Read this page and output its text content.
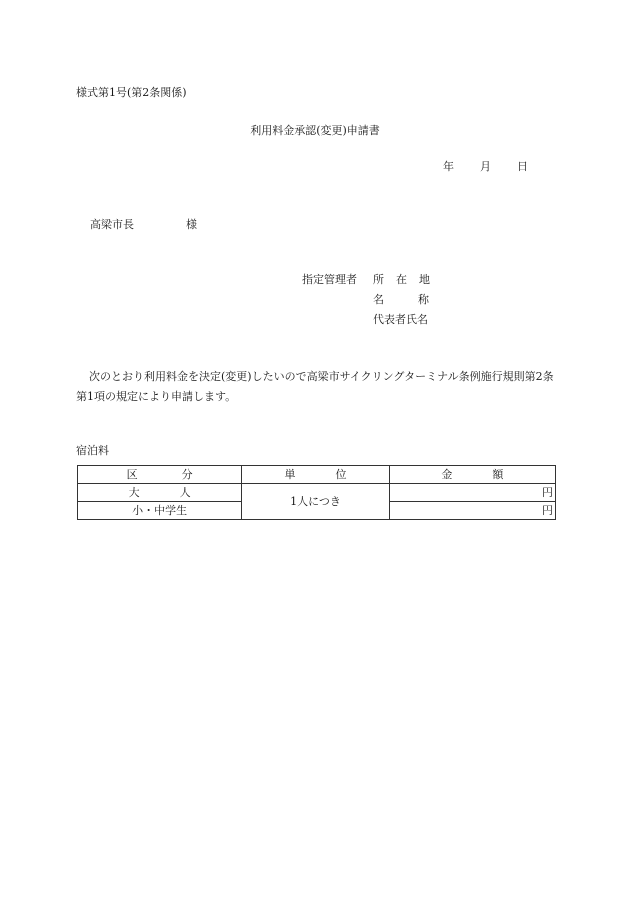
様式第1号(第2条関係)
利用料金承認(変更)申請書
年 月 日
高梁市長	様
指定管理者 所 在 地
名	称
代表者氏名
次のとおり利用料金を決定(変更)したいので高梁市サイクリングターミナル条例施行規則第2条第1項の規定により申請します。
宿泊料
区 分	単 位	金 額
大 人	1人につき	円
小・中学生		円
